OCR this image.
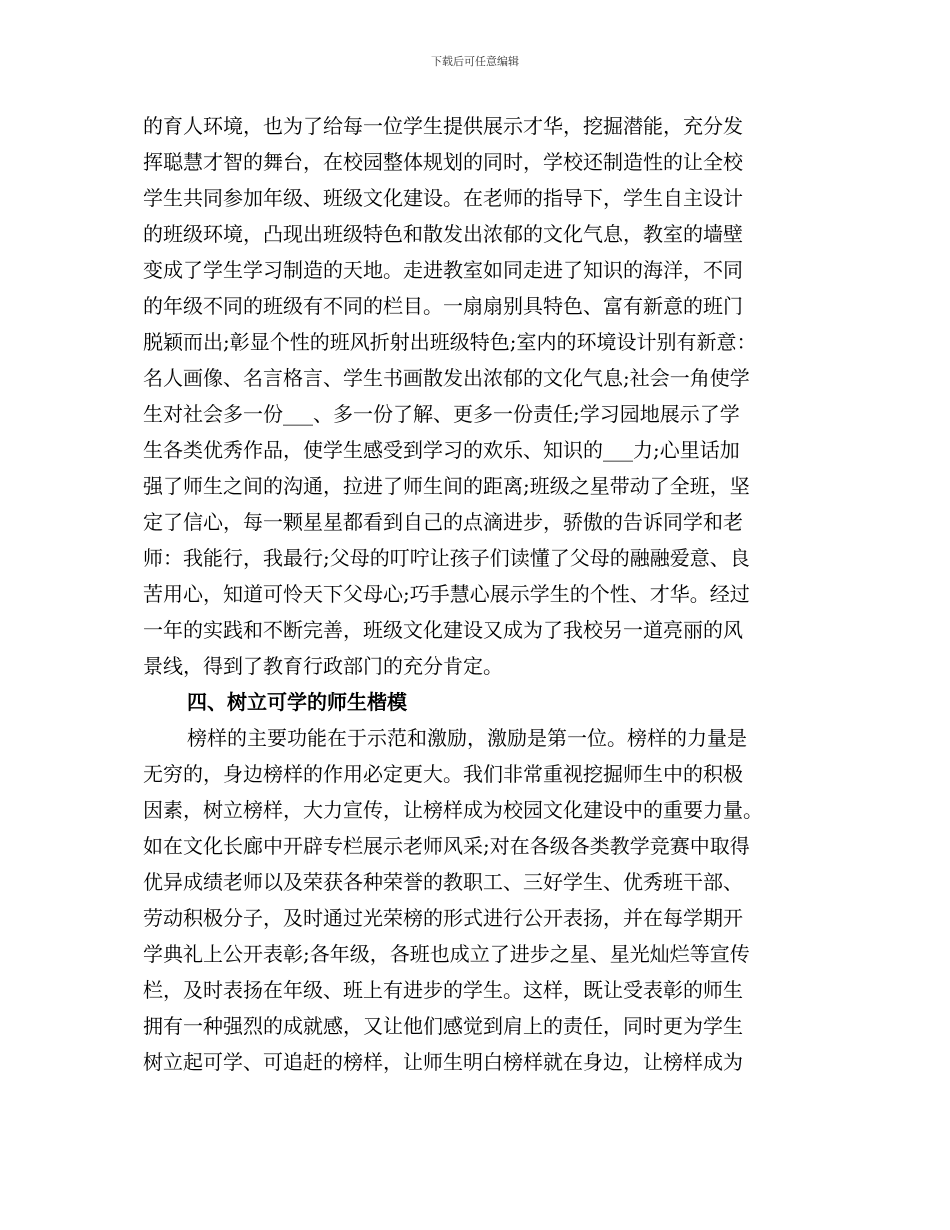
下载后可任意编辑
的育人环境，也为了给每一位学生提供展示才华，挖掘潜能，充分发
挥聪慧才智的舞台，在校园整体规划的同时，学校还制造性的让全校
学生共同参加年级、班级文化建设。在老师的指导下，学生自主设计
的班级环境，凸现出班级特色和散发出浓郁的文化气息，教室的墙壁
变成了学生学习制造的天地。走进教室如同走进了知识的海洋，不同
的年级不同的班级有不同的栏目。一扇扇别具特色、富有新意的班门
脱颖而出;彰显个性的班风折射出班级特色;室内的环境设计别有新意：
名人画像、名言格言、学生书画散发出浓郁的文化气息;社会一角使学
生对社会多一份___、多一份了解、更多一份责任;学习园地展示了学
生各类优秀作品，使学生感受到学习的欢乐、知识的___力;心里话加
强了师生之间的沟通，拉进了师生间的距离;班级之星带动了全班，坚
定了信心，每一颗星星都看到自己的点滴进步，骄傲的告诉同学和老
师：我能行，我最行;父母的叮咛让孩子们读懂了父母的融融爱意、良
苦用心，知道可怜天下父母心;巧手慧心展示学生的个性、才华。经过
一年的实践和不断完善，班级文化建设又成为了我校另一道亮丽的风
景线，得到了教育行政部门的充分肯定。
四、树立可学的师生楷模
榜样的主要功能在于示范和激励，激励是第一位。榜样的力量是
无穷的，身边榜样的作用必定更大。我们非常重视挖掘师生中的积极
因素，树立榜样，大力宣传，让榜样成为校园文化建设中的重要力量。
如在文化长廊中开辟专栏展示老师风采;对在各级各类教学竞赛中取得
优异成绩老师以及荣获各种荣誉的教职工、三好学生、优秀班干部、
劳动积极分子，及时通过光荣榜的形式进行公开表扬，并在每学期开
学典礼上公开表彰;各年级，各班也成立了进步之星、星光灿烂等宣传
栏，及时表扬在年级、班上有进步的学生。这样，既让受表彰的师生
拥有一种强烈的成就感，又让他们感觉到肩上的责任，同时更为学生
树立起可学、可追赶的榜样，让师生明白榜样就在身边，让榜样成为
